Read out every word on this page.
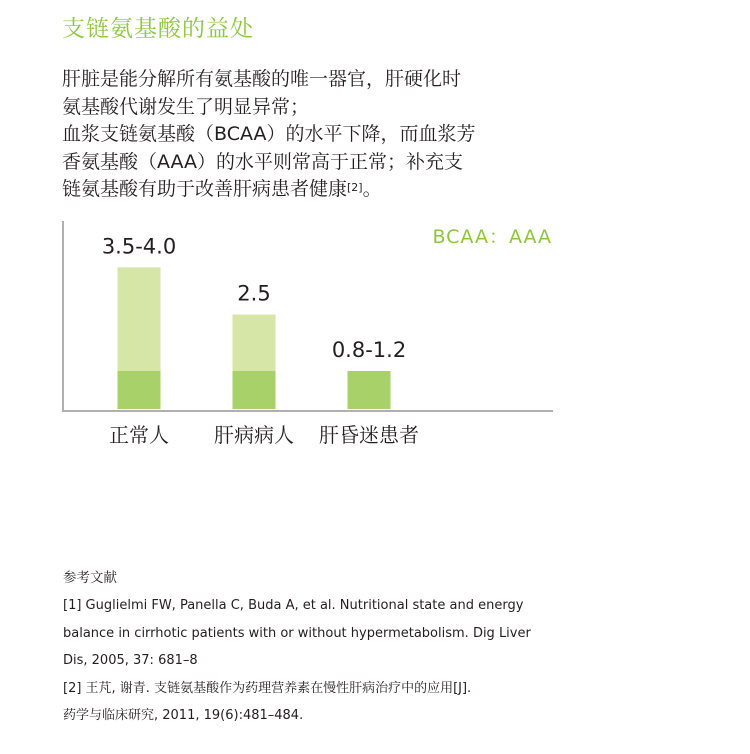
支链氨基酸的益处
肝脏是能分解所有氨基酸的唯一器官，肝硬化时
氨基酸代谢发生了明显异常；
血浆支链氨基酸（BCAA）的水平下降，而血浆芳
香氨基酸（AAA）的水平则常高于正常；补充支
链氨基酸有助于改善肝病患者健康[2]。
BCAA：AAA
3.5-4.0
正常人
2.5
肝病病人
0.8-1.2
肝昏迷患者
参考文献
[1] Guglielmi FW, Panella C, Buda A, et al. Nutritional state and energy
balance in cirrhotic patients with or without hypermetabolism. Dig Liver
Dis, 2005, 37: 681–8
[2] 王芃, 谢青. 支链氨基酸作为药理营养素在慢性肝病治疗中的应用[J].
药学与临床研究, 2011, 19(6):481–484.
